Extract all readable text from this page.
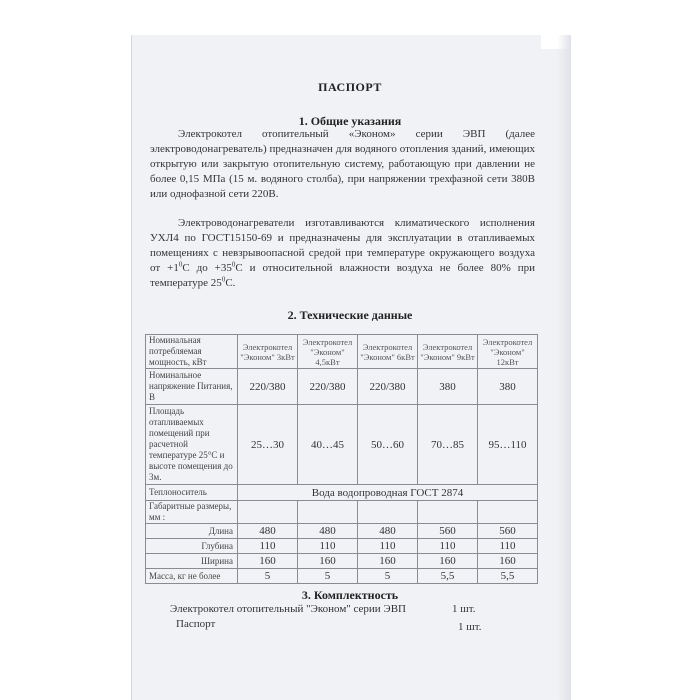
ПАСПОРТ
1. Общие указания

Электрокотел отопительный «Эконом» серии ЭВП (далее электроводонагреватель) предназначен для водяного отопления зданий, имеющих открытую или закрытую отопительную систему, работающую при давлении не более 0,15 МПа (15 м. водяного столба), при напряжении трехфазной сети 380В или однофазной сети 220В.

Электроводонагреватели изготавливаются климатического исполнения УХЛ4 по ГОСТ15150-69 и предназначены для эксплуатации в отапливаемых помещениях с невзрывоопасной средой при температуре окружающего воздуха от $+1^0С$ до $+35^0С$ и относительной влажности воздуха не более 80% при температуре $25^0С$.

2. Технические данные
Номинальная потребляемая мощность, кВт	Электрокотел "Эконом" 3кВт	Электрокотел "Эконом" 4,5кВт	Электрокотел "Эконом" 6кВт	Электрокотел "Эконом" 9кВт	Электрокотел "Эконом" 12кВт
Номинальное напряжение Питания, В	220/380	220/380	220/380	380	380
Площадь отапливаемых помещений при расчетной температуре 25°С и высоте помещения до 3м.	25…30	40…45	50…60	70…85	95…110
Теплоноситель	Вода водопроводная ГОСТ 2874				
Габаритные размеры, мм :					
Длина	480	480	480	560	560
Глубина	110	110	110	110	110
Ширина	160	160	160	160	160
Масса, кг не более	5	5	5	5,5	5,5
3. Комплектность
Электрокотел отопительный "Эконом" серии ЭВП	1 шт.
Паспорт	1 шт.
